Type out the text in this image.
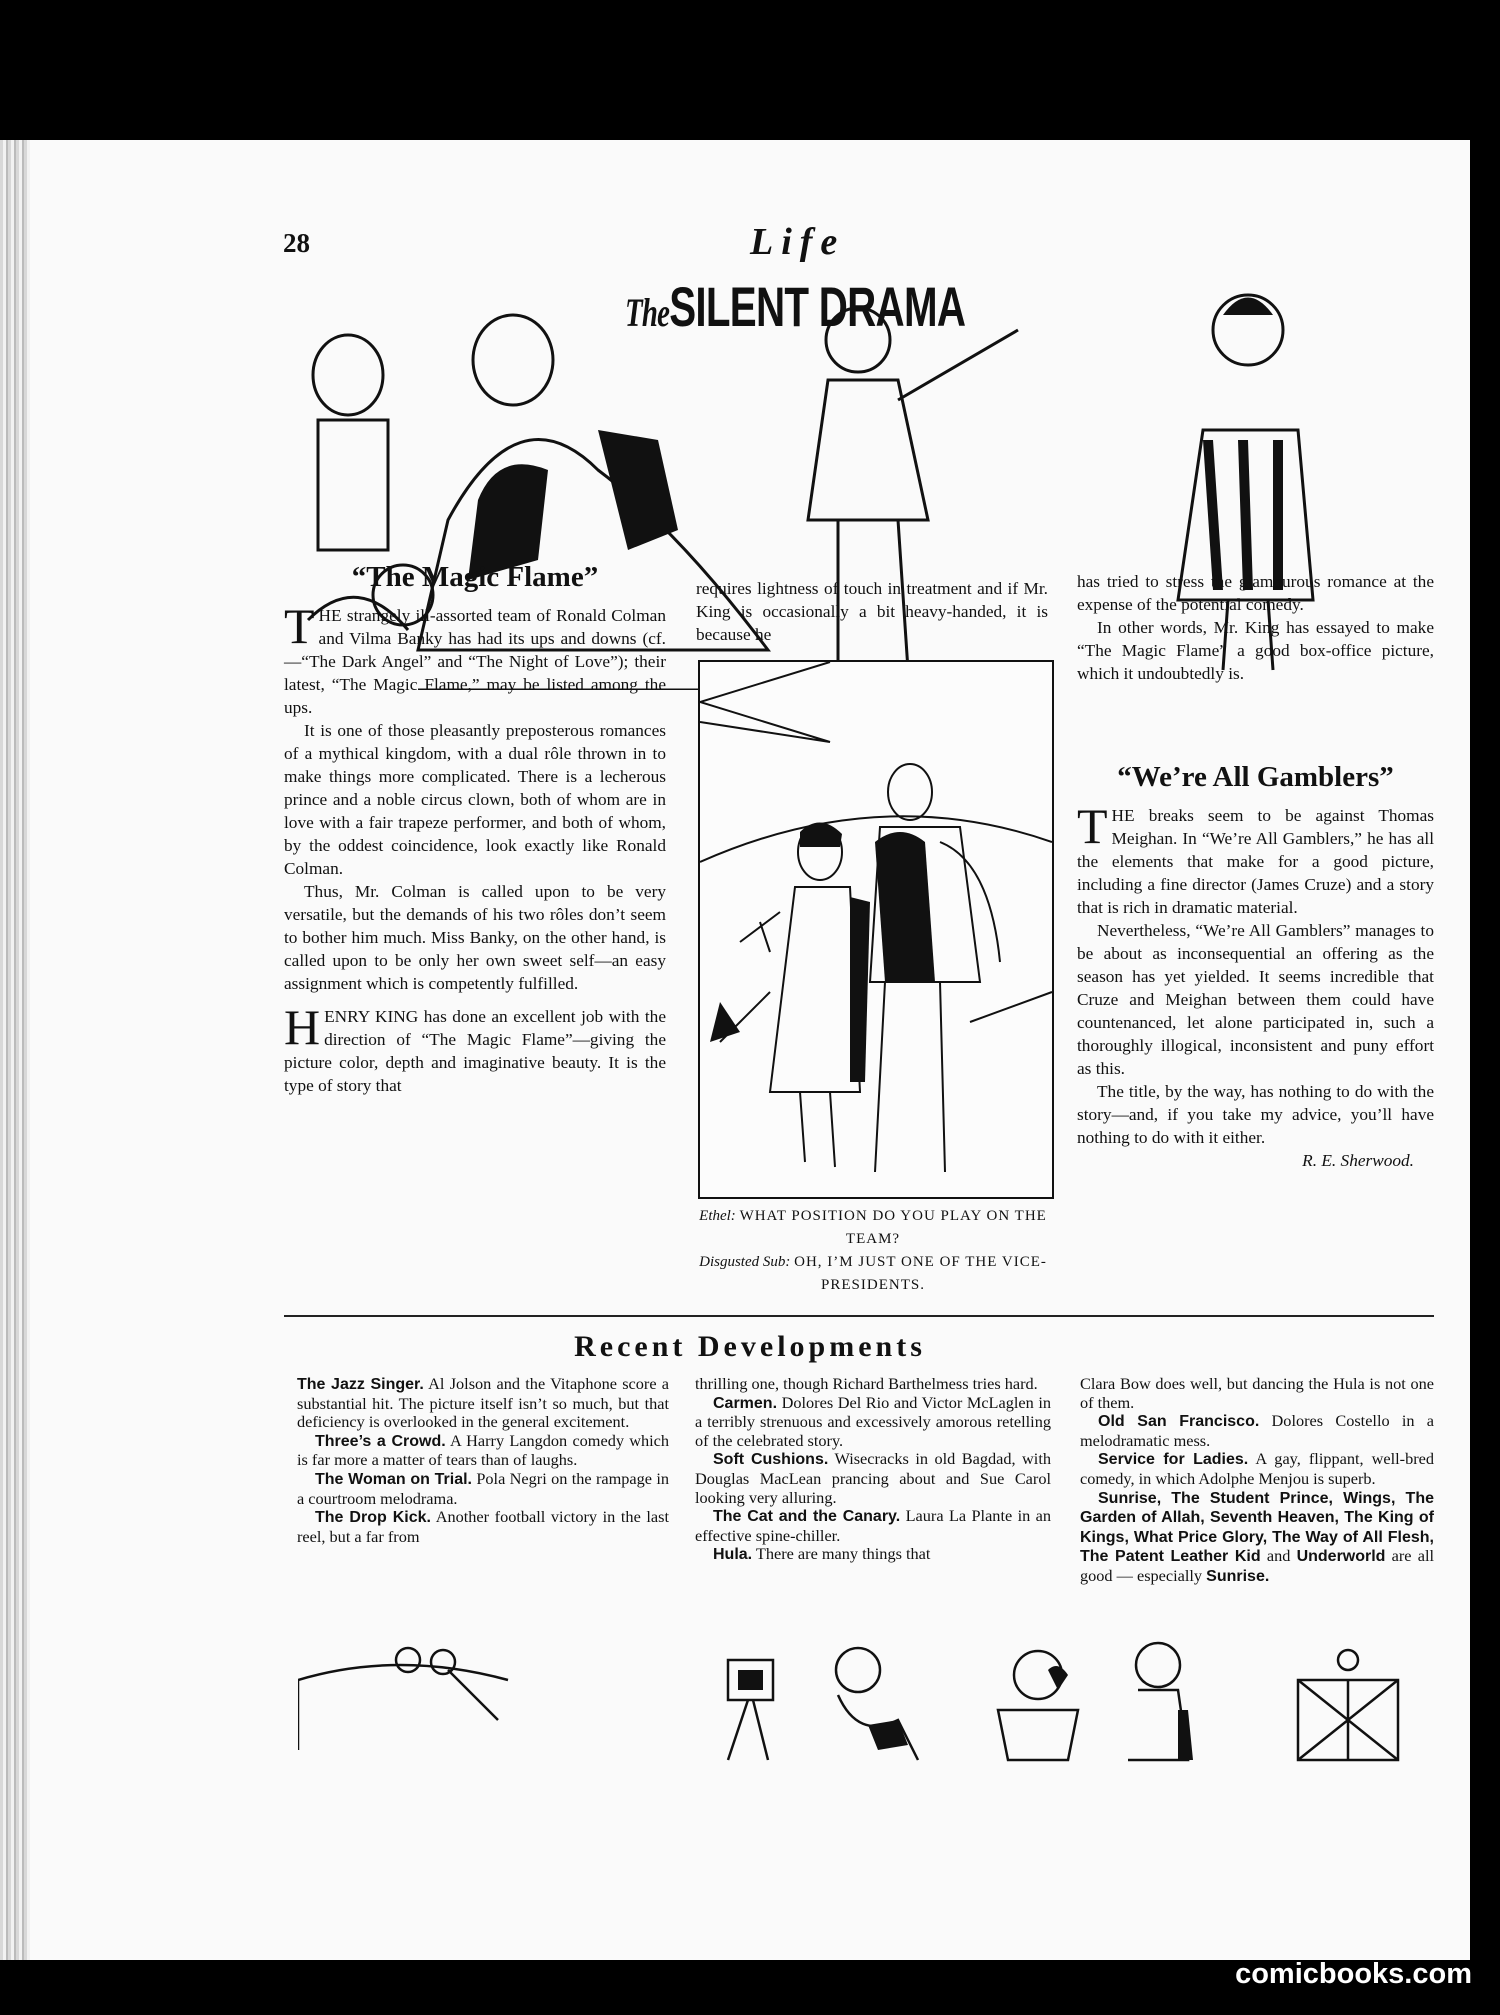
28	Life
TheSILENT DRAMA
“The Magic Flame”

THE strangely ill-assorted team of Ronald Colman and Vilma Banky has had its ups and downs (cf.—“The Dark Angel” and “The Night of Love”); their latest, “The Magic Flame,” may be listed among the ups.

It is one of those pleasantly preposterous romances of a mythical kingdom, with a dual rôle thrown in to make things more complicated. There is a lecherous prince and a noble circus clown, both of whom are in love with a fair trapeze performer, and both of whom, by the oddest coincidence, look exactly like Ronald Colman.

Thus, Mr. Colman is called upon to be very versatile, but the demands of his two rôles don’t seem to bother him much. Miss Banky, on the other hand, is called upon to be only her own sweet self—an easy assignment which is competently fulfilled.

HENRY KING has done an excellent job with the direction of “The Magic Flame”—giving the picture color, depth and imaginative beauty. It is the type of story that

requires lightness of touch in treatment and if Mr. King is occasionally a bit heavy-handed, it is because he

Ethel: WHAT POSITION DO YOU PLAY ON THE TEAM?
Disgusted Sub: OH, I’M JUST ONE OF THE VICE-PRESIDENTS.

has tried to stress the glamourous romance at the expense of the potential comedy.

In other words, Mr. King has essayed to make “The Magic Flame” a good box-office picture, which it undoubtedly is.

“We’re All Gamblers”

THE breaks seem to be against Thomas Meighan. In “We’re All Gamblers,” he has all the elements that make for a good picture, including a fine director (James Cruze) and a story that is rich in dramatic material.

Nevertheless, “We’re All Gamblers” manages to be about as inconsequential an offering as the season has yet yielded. It seems incredible that Cruze and Meighan between them could have countenanced, let alone participated in, such a thoroughly illogical, inconsistent and puny effort as this.

The title, by the way, has nothing to do with the story—and, if you take my advice, you’ll have nothing to do with it either.

R. E. Sherwood.
Recent Developments

The Jazz Singer. Al Jolson and the Vitaphone score a substantial hit. The picture itself isn’t so much, but that deficiency is overlooked in the general excitement.

Three’s a Crowd. A Harry Langdon comedy which is far more a matter of tears than of laughs.

The Woman on Trial. Pola Negri on the rampage in a courtroom melodrama.

The Drop Kick. Another football victory in the last reel, but a far from

thrilling one, though Richard Barthelmess tries hard.

Carmen. Dolores Del Rio and Victor McLaglen in a terribly strenuous and excessively amorous retelling of the celebrated story.

Soft Cushions. Wisecracks in old Bagdad, with Douglas MacLean prancing about and Sue Carol looking very alluring.

The Cat and the Canary. Laura La Plante in an effective spine-chiller.

Hula. There are many things that

Clara Bow does well, but dancing the Hula is not one of them.

Old San Francisco. Dolores Costello in a melodramatic mess.

Service for Ladies. A gay, flippant, well-bred comedy, in which Adolphe Menjou is superb.

Sunrise, The Student Prince, Wings, The Garden of Allah, Seventh Heaven, The King of Kings, What Price Glory, The Way of All Flesh, The Patent Leather Kid and Underworld are all good — especially Sunrise.

comicbooks.com
